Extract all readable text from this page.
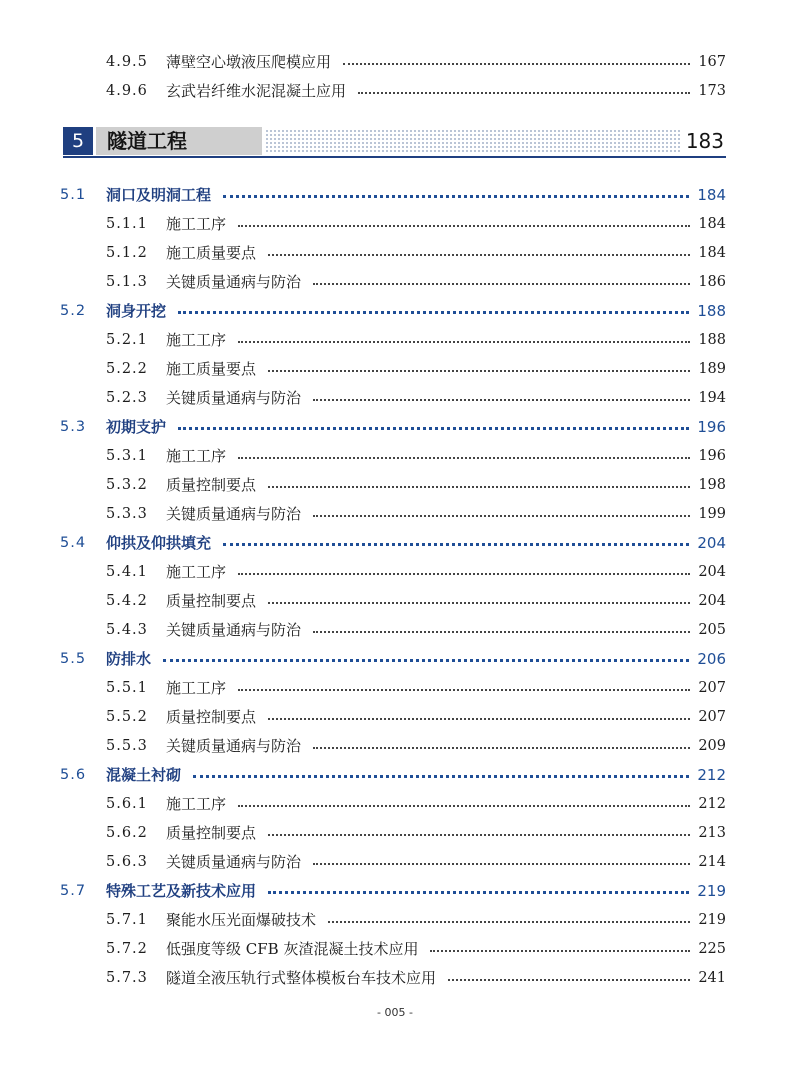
4.9.5 薄壁空心墩液压爬模应用	167
4.9.6 玄武岩纤维水泥混凝土应用	173
5	隧道工程	183
5.1 洞口及明洞工程	184
5.1.1 施工工序	184
5.1.2 施工质量要点	184
5.1.3 关键质量通病与防治	186
5.2 洞身开挖	188
5.2.1 施工工序	188
5.2.2 施工质量要点	189
5.2.3 关键质量通病与防治	194
5.3 初期支护	196
5.3.1 施工工序	196
5.3.2 质量控制要点	198
5.3.3 关键质量通病与防治	199
5.4 仰拱及仰拱填充	204
5.4.1 施工工序	204
5.4.2 质量控制要点	204
5.4.3 关键质量通病与防治	205
5.5 防排水	206
5.5.1 施工工序	207
5.5.2 质量控制要点	207
5.5.3 关键质量通病与防治	209
5.6 混凝土衬砌	212
5.6.1 施工工序	212
5.6.2 质量控制要点	213
5.6.3 关键质量通病与防治	214
5.7 特殊工艺及新技术应用	219
5.7.1 聚能水压光面爆破技术	219
5.7.2 低强度等级 CFB 灰渣混凝土技术应用	225
5.7.3 隧道全液压轨行式整体模板台车技术应用	241
- 005 -
